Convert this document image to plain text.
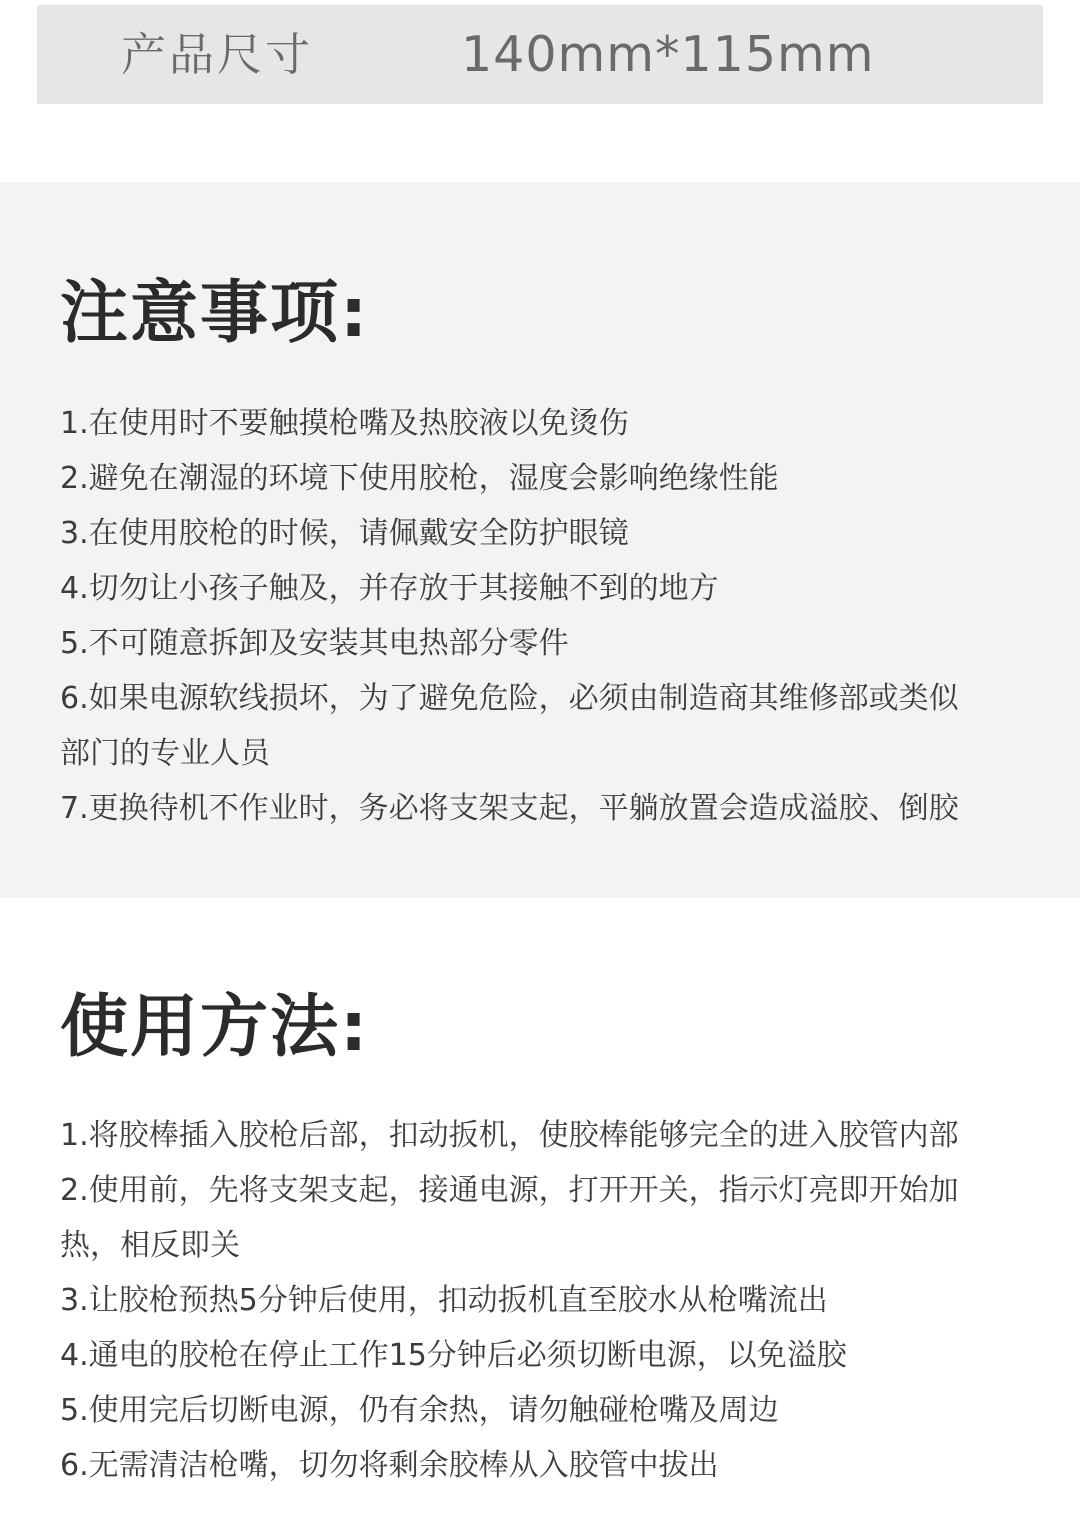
产品尺寸	140mm*115mm
注意事项:
1.在使用时不要触摸枪嘴及热胶液以免烫伤
2.避免在潮湿的环境下使用胶枪，湿度会影响绝缘性能
3.在使用胶枪的时候，请佩戴安全防护眼镜
4.切勿让小孩子触及，并存放于其接触不到的地方
5.不可随意拆卸及安装其电热部分零件
6.如果电源软线损坏，为了避免危险，必须由制造商其维修部或类似
部门的专业人员
7.更换待机不作业时，务必将支架支起，平躺放置会造成溢胶、倒胶
使用方法:
1.将胶棒插入胶枪后部，扣动扳机，使胶棒能够完全的进入胶管内部
2.使用前，先将支架支起，接通电源，打开开关，指示灯亮即开始加
热，相反即关
3.让胶枪预热5分钟后使用，扣动扳机直至胶水从枪嘴流出
4.通电的胶枪在停止工作15分钟后必须切断电源，以免溢胶
5.使用完后切断电源，仍有余热，请勿触碰枪嘴及周边
6.无需清洁枪嘴，切勿将剩余胶棒从入胶管中拔出
